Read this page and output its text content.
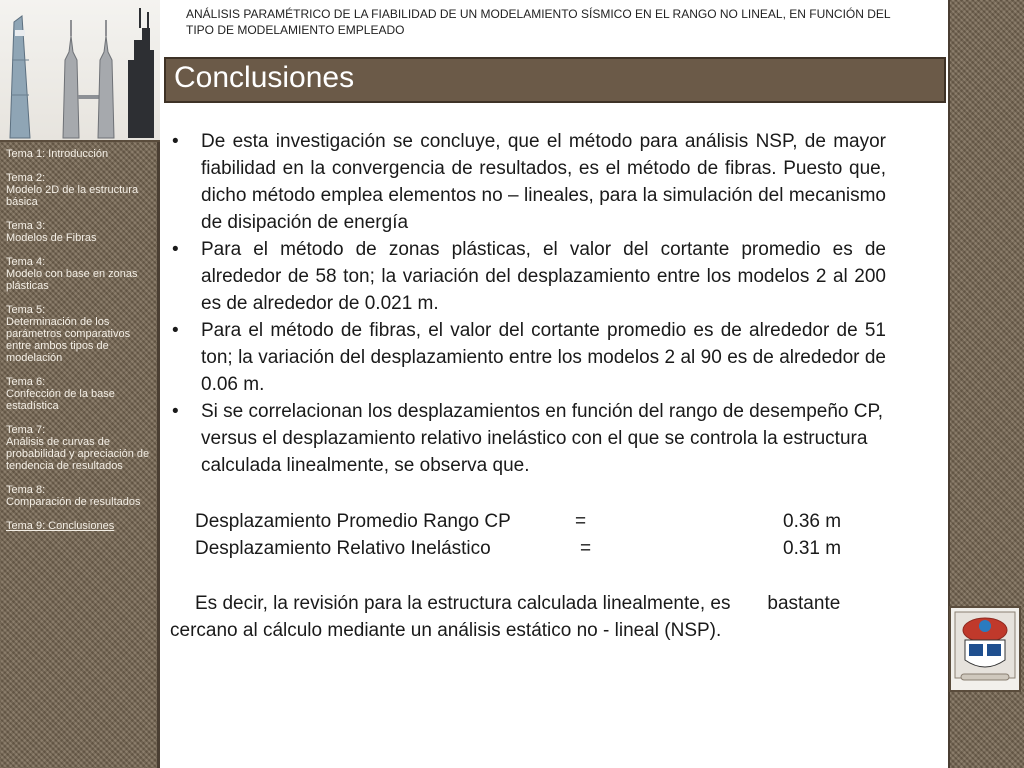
Tema 1: Introducción
Tema 2:
Modelo 2D de la estructura básica
Tema 3:
Modelos de Fibras
Tema 4:
Modelo con base en zonas plásticas
Tema 5:
Determinación de los parámetros comparativos entre ambos tipos de modelación
Tema 6:
Confección de la base estadística
Tema 7:
Análisis de curvas de probabilidad y apreciación de tendencia de resultados
Tema 8:
Comparación de resultados
Tema 9: Conclusiones
ANÁLISIS PARAMÉTRICO DE LA FIABILIDAD DE UN MODELAMIENTO SÍSMICO EN EL RANGO NO LINEAL, EN FUNCIÓN DEL TIPO DE MODELAMIENTO EMPLEADO
Conclusiones
• De esta investigación se concluye, que el método para análisis NSP, de mayor fiabilidad en la convergencia de resultados, es el método de fibras. Puesto que, dicho método emplea elementos no – lineales, para la simulación del mecanismo de disipación de energía
• Para el método de zonas plásticas, el valor del cortante promedio es de alrededor de 58 ton; la variación del desplazamiento entre los modelos 2 al 200 es de alrededor de 0.021 m.
• Para el método de fibras, el valor del cortante promedio es de alrededor de 51 ton; la variación del desplazamiento entre los modelos 2 al 90 es de alrededor de 0.06 m.
• Si se correlacionan los desplazamientos en función del rango de desempeño CP, versus el desplazamiento relativo inelástico con el que se controla la estructura calculada linealmente, se observa que.
Desplazamiento Promedio Rango CP	=	0.36 m
Desplazamiento Relativo Inelástico	=	0.31 m
Es decir, la revisión para la estructura calculada linealmente, es       bastante
cercano al cálculo mediante un análisis estático no - lineal (NSP).
